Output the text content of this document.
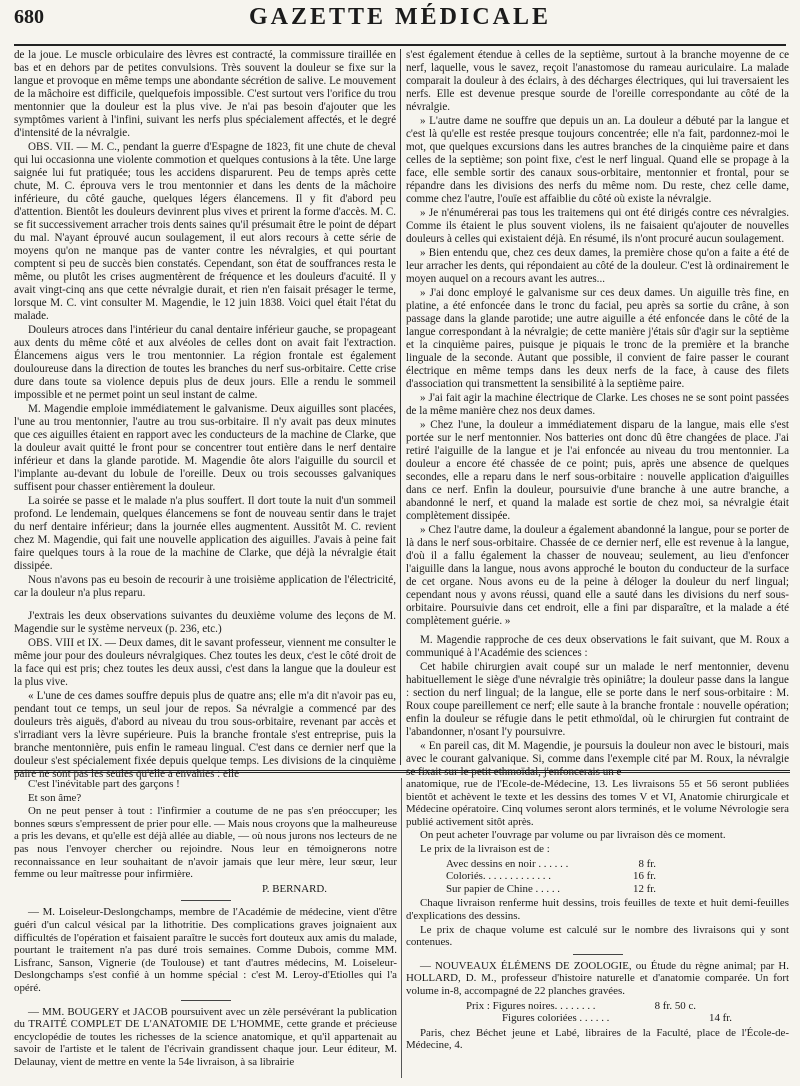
680	GAZETTE MÉDICALE

de la joue. Le muscle orbiculaire des lèvres est contracté, la commissure tiraillée en bas et en dehors par de petites convulsions. Très souvent la douleur se fixe sur la langue et provoque en même temps une abondante sécrétion de salive. Le mouvement de la mâchoire est difficile, quelquefois impossible. C'est surtout vers l'orifice du trou mentonnier que la douleur est la plus vive. Je n'ai pas besoin d'ajouter que les symptômes varient à l'infini, suivant les nerfs plus spécialement affectés, et le degré d'intensité de la névralgie.

OBS. VII. — M. C., pendant la guerre d'Espagne de 1823, fit une chute de cheval qui lui occasionna une violente commotion et quelques contusions à la tête. Une large saignée lui fut pratiquée; tous les accidens disparurent. Peu de temps après cette chute, M. C. éprouva vers le trou mentonnier et dans les dents de la mâchoire inférieure, du côté gauche, quelques légers élancemens. Il y fit d'abord peu d'attention. Bientôt les douleurs devinrent plus vives et prirent la forme d'accès. M. C. se fit successivement arracher trois dents saines qu'il présumait être le point de départ du mal. N'ayant éprouvé aucun soulagement, il eut alors recours à cette série de moyens qu'on ne manque pas de vanter contre les névralgies, et qui pourtant comptent si peu de succès bien constatés. Cependant, son état de souffrances resta le même, ou plutôt les crises augmentèrent de fréquence et les douleurs d'acuité. Il y avait vingt-cinq ans que cette névralgie durait, et rien n'en faisait présager le terme, lorsque M. C. vint consulter M. Magendie, le 12 juin 1838. Voici quel était l'état du malade.

Douleurs atroces dans l'intérieur du canal dentaire inférieur gauche, se propageant aux dents du même côté et aux alvéoles de celles dont on avait fait l'extraction. Élancemens aigus vers le trou mentonnier. La région frontale est également douloureuse dans la direction de toutes les branches du nerf sus-orbitaire. Cette crise dure dans toute sa violence depuis plus de deux jours. Elle a rendu le sommeil impossible et ne permet point un seul instant de calme.

M. Magendie emploie immédiatement le galvanisme. Deux aiguilles sont placées, l'une au trou mentonnier, l'autre au trou sus-orbitaire. Il n'y avait pas deux minutes que ces aiguilles étaient en rapport avec les conducteurs de la machine de Clarke, que la douleur avait quitté le front pour se concentrer tout entière dans le nerf dentaire inférieur et dans la glande parotide. M. Magendie ôte alors l'aiguille du sourcil et l'implante au-devant du lobule de l'oreille. Deux ou trois secousses galvaniques suffisent pour chasser entièrement la douleur.

La soirée se passe et le malade n'a plus souffert. Il dort toute la nuit d'un sommeil profond. Le lendemain, quelques élancemens se font de nouveau sentir dans le trajet du nerf dentaire inférieur; dans la journée elles augmentent. Aussitôt M. C. revient chez M. Magendie, qui fait une nouvelle application des aiguilles. J'avais à peine fait faire quelques tours à la roue de la machine de Clarke, que déjà la névralgie était dissipée.

Nous n'avons pas eu besoin de recourir à une troisième application de l'électricité, car la douleur n'a plus reparu.

J'extrais les deux observations suivantes du deuxième volume des leçons de M. Magendie sur le système nerveux (p. 236, etc.)

OBS. VIII et IX. — Deux dames, dit le savant professeur, viennent me consulter le même jour pour des douleurs névralgiques. Chez toutes les deux, c'est le côté droit de la face qui est pris; chez toutes les deux aussi, c'est dans la langue que la douleur est la plus vive.

« L'une de ces dames souffre depuis plus de quatre ans; elle m'a dit n'avoir pas eu, pendant tout ce temps, un seul jour de repos. Sa névralgie a commencé par des douleurs très aiguës, d'abord au niveau du trou sous-orbitaire, revenant par accès et s'irradiant vers la lèvre supérieure. Puis la branche frontale s'est entreprise, puis la branche mentonnière, puis enfin le rameau lingual. C'est dans ce dernier nerf que la douleur s'est spécialement fixée depuis quelque temps. Les divisions de la cinquième paire ne sont pas les seules qu'elle a envahies : elle

s'est également étendue à celles de la septième, surtout à la branche moyenne de ce nerf, laquelle, vous le savez, reçoit l'anastomose du rameau auriculaire. La malade comparait la douleur à des éclairs, à des décharges électriques, qui lui traversaient les nerfs. Elle est devenue presque sourde de l'oreille correspondante au côté de la névralgie.

» L'autre dame ne souffre que depuis un an. La douleur a débuté par la langue et c'est là qu'elle est restée presque toujours concentrée; elle n'a fait, pardonnez-moi le mot, que quelques excursions dans les autres branches de la cinquième paire et dans celles de la septième; son point fixe, c'est le nerf lingual. Quand elle se propage à la face, elle semble sortir des canaux sous-orbitaire, mentonnier et frontal, pour se répandre dans les divisions des nerfs du même nom. Du reste, chez celle dame, comme chez l'autre, l'ouïe est affaiblie du côté où existe la névralgie.

» Je n'énumérerai pas tous les traitemens qui ont été dirigés contre ces névralgies. Comme ils étaient le plus souvent violens, ils ne faisaient qu'ajouter de nouvelles douleurs à celles qui existaient déjà. En résumé, ils n'ont procuré aucun soulagement.

» Bien entendu que, chez ces deux dames, la première chose qu'on a faite a été de leur arracher les dents, qui répondaient au côté de la douleur. C'est là ordinairement le moyen auquel on a recours avant les autres...

» J'ai donc employé le galvanisme sur ces deux dames. Un aiguille très fine, en platine, a été enfoncée dans le tronc du facial, peu après sa sortie du crâne, à son passage dans la glande parotide; une autre aiguille a été enfoncée dans le côté de la langue correspondant à la névralgie; de cette manière j'étais sûr d'agir sur la septième et la cinquième paires, puisque je piquais le tronc de la première et la branche linguale de la seconde. Autant que possible, il convient de faire passer le courant électrique en même temps dans les deux nerfs de la face, à cause des filets d'association qui transmettent la sensibilité à la septième paire.

» J'ai fait agir la machine électrique de Clarke. Les choses ne se sont point passées de la même manière chez nos deux dames.

» Chez l'une, la douleur a immédiatement disparu de la langue, mais elle s'est portée sur le nerf mentonnier. Nos batteries ont donc dû être changées de place. J'ai retiré l'aiguille de la langue et je l'ai enfoncée au niveau du trou mentonnier. La douleur a encore été chassée de ce point; puis, après une absence de quelques secondes, elle a reparu dans le nerf sous-orbitaire : nouvelle application d'aiguilles dans ce nerf. Enfin la douleur, poursuivie d'une branche à une autre branche, a abandonné le nerf, et quand la malade est sortie de chez moi, sa névralgie était complètement dissipée.

» Chez l'autre dame, la douleur a également abandonné la langue, pour se porter de là dans le nerf sous-orbitaire. Chassée de ce dernier nerf, elle est revenue à la langue, d'où il a fallu également la chasser de nouveau; seulement, au lieu d'enfoncer l'aiguille dans la langue, nous avons approché le bouton du conducteur de la surface de cet organe. Nous avons eu de la peine à déloger la douleur du nerf lingual; cependant nous y avons réussi, quand elle a sauté dans les divisions du nerf sous-orbitaire. Poursuivie dans cet endroit, elle a fini par disparaître, et la malade a été complètement guérie. »

M. Magendie rapproche de ces deux observations le fait suivant, que M. Roux a communiqué à l'Académie des sciences :

Cet habile chirurgien avait coupé sur un malade le nerf mentonnier, devenu habituellement le siège d'une névralgie très opiniâtre; la douleur passe dans la langue : section du nerf lingual; de la langue, elle se porte dans le nerf sous-orbitaire : M. Roux coupe pareillement ce nerf; elle saute à la branche frontale : nouvelle opération; enfin la douleur se réfugie dans le petit ethmoïdal, où le chirurgien fut contraint de l'abandonner, n'osant l'y poursuivre.

« En pareil cas, dit M. Magendie, je poursuis la douleur non avec le bistouri, mais avec le courant galvanique. Si, comme dans l'exemple cité par M. Roux, la névralgie se fixait sur le petit ethmoïdal, j'enfoncerais un e

C'est l'inévitable part des garçons !

Et son âme?

On ne peut penser à tout : l'infirmier a coutume de ne pas s'en préoccuper; les bonnes sœurs s'empressent de prier pour elle. — Mais nous croyons que la malheureuse a pris les devans, et qu'elle est déjà allée au diable, — où nous jurons nos lecteurs de ne pas nous l'envoyer chercher ou rejoindre. Nous leur en témoignerons notre reconnaissance en leur souhaitant de n'avoir jamais que leur mère, leur sœur, leur femme ou leur maîtresse pour infirmière.

P. BERNARD.

— M. Loiseleur-Deslongchamps, membre de l'Académie de médecine, vient d'être guéri d'un calcul vésical par la lithotritie. Des complications graves joignaient aux difficultés de l'opération et faisaient paraître le succès fort douteux aux amis du malade, pourtant le traitement n'a pas duré trois semaines. Comme Dubois, comme MM. Lisfranc, Sanson, Vignerie (de Toulouse) et tant d'autres médecins, M. Loiseleur-Deslongchamps s'est confié à un homme spécial : c'est M. Leroy-d'Etiolles qui l'a opéré.

— MM. BOUGERY et JACOB poursuivent avec un zèle persévérant la publication du TRAITÉ COMPLET DE L'ANATOMIE DE L'HOMME, cette grande et précieuse encyclopédie de toutes les richesses de la science anatomique, et qu'il appartenait au savoir de l'artiste et le talent de l'écrivain grandissent chaque jour. Leur éditeur, M. Delaunay, vient de mettre en vente la 54e livraison, à sa librairie

anatomique, rue de l'Ecole-de-Médecine, 13. Les livraisons 55 et 56 seront publiées bientôt et achèvent le texte et les dessins des tomes V et VI, Anatomie chirurgicale et Médecine opératoire. Cinq volumes seront alors terminés, et le volume Névrologie sera publié activement sitôt après.

On peut acheter l'ouvrage par volume ou par livraison dès ce moment.

Le prix de la livraison est de :

Avec dessins en noir . . . . . .	8 fr.
Coloriés. . . . . . . . . . . . .	16 fr.
Sur papier de Chine . . . . .	12 fr.

Chaque livraison renferme huit dessins, trois feuilles de texte et huit demi-feuilles d'explications des dessins.

Le prix de chaque volume est calculé sur le nombre des livraisons qui y sont contenues.

— NOUVEAUX ÉLÉMENS DE ZOOLOGIE, ou Étude du règne animal; par H. HOLLARD, D. M., professeur d'histoire naturelle et d'anatomie comparée. Un fort volume in-8, accompagné de 22 planches gravées.

Prix : Figures noires. . . . . . . .	8 fr. 50 c.
Figures coloriées . . . . . .	14 fr.

Paris, chez Béchet jeune et Labé, libraires de la Faculté, place de l'École-de-Médecine, 4.
